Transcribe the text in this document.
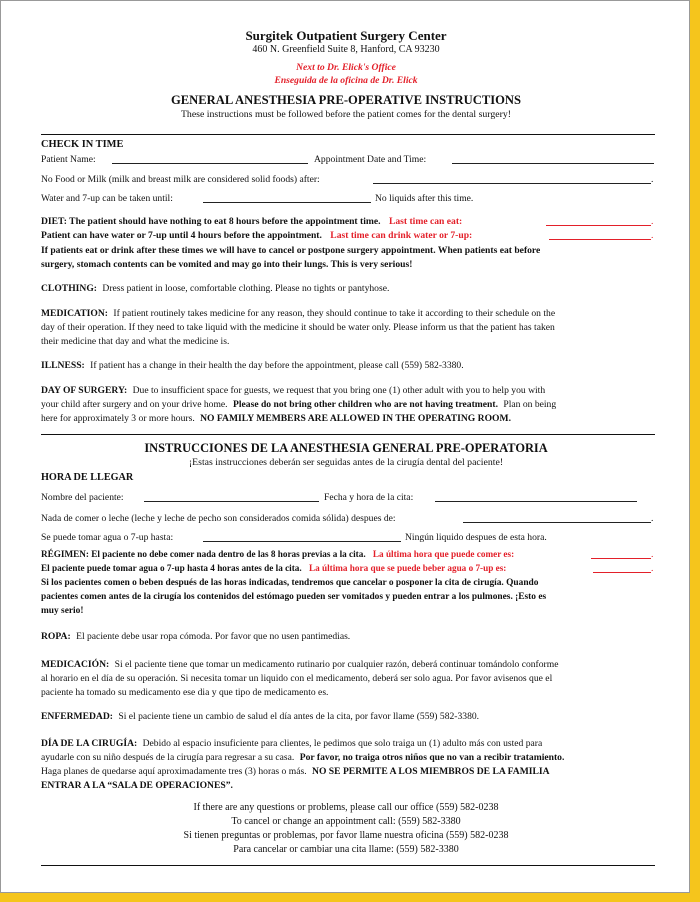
Surgitek Outpatient Surgery Center
460 N. Greenfield Suite 8, Hanford, CA 93230
Next to Dr. Elick's Office
Enseguida de la oficina de Dr. Elick
GENERAL ANESTHESIA PRE-OPERATIVE INSTRUCTIONS
These instructions must be followed before the patient comes for the dental surgery!
CHECK IN TIME
Patient Name:	Appointment Date and Time:
No Food or Milk (milk and breast milk are considered solid foods) after:	.
Water and 7-up can be taken until:	No liquids after this time.
DIET: The patient should have nothing to eat 8 hours before the appointment time. Last time can eat:	.
Patient can have water or 7-up until 4 hours before the appointment. Last time can drink water or 7-up:	.
If patients eat or drink after these times we will have to cancel or postpone surgery appointment. When patients eat before
surgery, stomach contents can be vomited and may go into their lungs. This is very serious!
CLOTHING: Dress patient in loose, comfortable clothing. Please no tights or pantyhose.
MEDICATION: If patient routinely takes medicine for any reason, they should continue to take it according to their schedule on the
day of their operation. If they need to take liquid with the medicine it should be water only. Please inform us that the patient has taken
their medicine that day and what the medicine is.
ILLNESS: If patient has a change in their health the day before the appointment, please call (559) 582-3380.
DAY OF SURGERY: Due to insufficient space for guests, we request that you bring one (1) other adult with you to help you with
your child after surgery and on your drive home. Please do not bring other children who are not having treatment. Plan on being
here for approximately 3 or more hours. NO FAMILY MEMBERS ARE ALLOWED IN THE OPERATING ROOM.
INSTRUCCIONES DE LA ANESTHESIA GENERAL PRE-OPERATORIA
¡Estas instrucciones deberán ser seguidas antes de la cirugía dental del paciente!
HORA DE LLEGAR
Nombre del paciente:	Fecha y hora de la cita:
Nada de comer o leche (leche y leche de pecho son considerados comida sólida) despues de:	.
Se puede tomar agua o 7-up hasta:	Ningún liquido despues de esta hora.
RÉGIMEN: El paciente no debe comer nada dentro de las 8 horas previas a la cita. La última hora que puede comer es:	.
El paciente puede tomar agua o 7-up hasta 4 horas antes de la cita. La última hora que se puede beber agua o 7-up es:	.
Si los pacientes comen o beben después de las horas indicadas, tendremos que cancelar o posponer la cita de cirugía. Quando
pacientes comen antes de la cirugía los contenidos del estómago pueden ser vomitados y pueden entrar a los pulmones. ¡Esto es
muy serio!
ROPA: El paciente debe usar ropa cómoda. Por favor que no usen pantimedias.
MEDICACIÓN: Si el paciente tiene que tomar un medicamento rutinario por cualquier razón, deberá continuar tomándolo conforme
al horario en el día de su operación. Si necesita tomar un liquido con el medicamento, deberá ser solo agua. Por favor avisenos que el
paciente ha tomado su medicamento ese dia y que tipo de medicamento es.
ENFERMEDAD: Si el paciente tiene un cambio de salud el día antes de la cita, por favor llame (559) 582-3380.
DÍA DE LA CIRUGÍA: Debido al espacio insuficiente para clientes, le pedimos que solo traiga un (1) adulto más con usted para
ayudarle con su niño después de la cirugía para regresar a su casa. Por favor, no traiga otros niños que no van a recibir tratamiento.
Haga planes de quedarse aquí aproximadamente tres (3) horas o más. NO SE PERMITE A LOS MIEMBROS DE LA FAMILIA
ENTRAR A LA “SALA DE OPERACIONES”.
If there are any questions or problems, please call our office (559) 582-0238
To cancel or change an appointment call: (559) 582-3380
Si tienen preguntas or problemas, por favor llame nuestra oficina (559) 582-0238
Para cancelar or cambiar una cita llame: (559) 582-3380
